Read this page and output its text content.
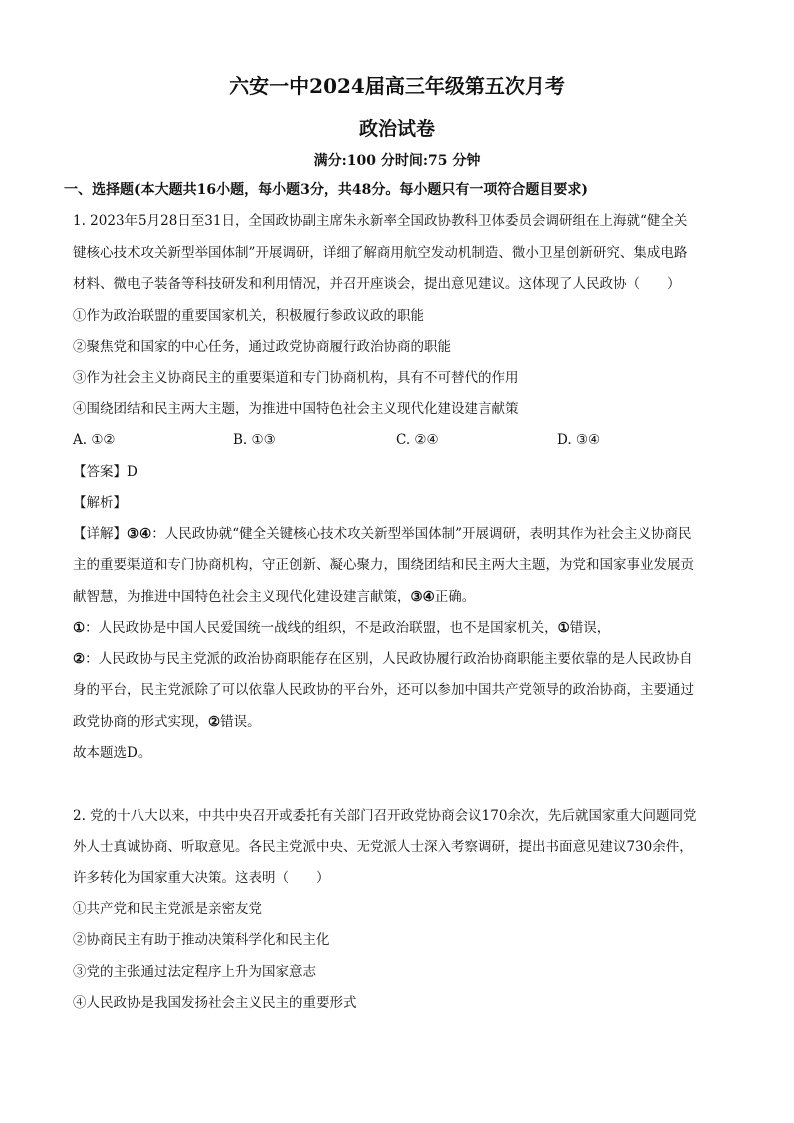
六安一中2024届高三年级第五次月考
政治试卷
满分:100 分时间:75 分钟
一、选择题(本大题共16小题，每小题3分，共48分。每小题只有一项符合题目要求)
1. 2023年5月28日至31日，全国政协副主席朱永新率全国政协教科卫体委员会调研组在上海就“健全关
键核心技术攻关新型举国体制”开展调研，详细了解商用航空发动机制造、微小卫星创新研究、集成电路
材料、微电子装备等科技研发和利用情况，并召开座谈会，提出意见建议。这体现了人民政协（　　）
①作为政治联盟的重要国家机关，积极履行参政议政的职能
②聚焦党和国家的中心任务，通过政党协商履行政治协商的职能
③作为社会主义协商民主的重要渠道和专门协商机构，具有不可替代的作用
④围绕团结和民主两大主题，为推进中国特色社会主义现代化建设建言献策
A. ①②	B. ①③	C. ②④	D. ③④
【答案】D
【解析】
【详解】③④：人民政协就“健全关键核心技术攻关新型举国体制”开展调研，表明其作为社会主义协商民
主的重要渠道和专门协商机构，守正创新、凝心聚力，围绕团结和民主两大主题，为党和国家事业发展贡
献智慧，为推进中国特色社会主义现代化建设建言献策，③④正确。
①：人民政协是中国人民爱国统一战线的组织，不是政治联盟，也不是国家机关，①错误，
②：人民政协与民主党派的政治协商职能存在区别，人民政协履行政治协商职能主要依靠的是人民政协自
身的平台，民主党派除了可以依靠人民政协的平台外，还可以参加中国共产党领导的政治协商，主要通过
政党协商的形式实现，②错误。
故本题选D。
2. 党的十八大以来，中共中央召开或委托有关部门召开政党协商会议170余次，先后就国家重大问题同党
外人士真诚协商、听取意见。各民主党派中央、无党派人士深入考察调研，提出书面意见建议730余件，
许多转化为国家重大决策。这表明（　　）
①共产党和民主党派是亲密友党
②协商民主有助于推动决策科学化和民主化
③党的主张通过法定程序上升为国家意志
④人民政协是我国发扬社会主义民主的重要形式
